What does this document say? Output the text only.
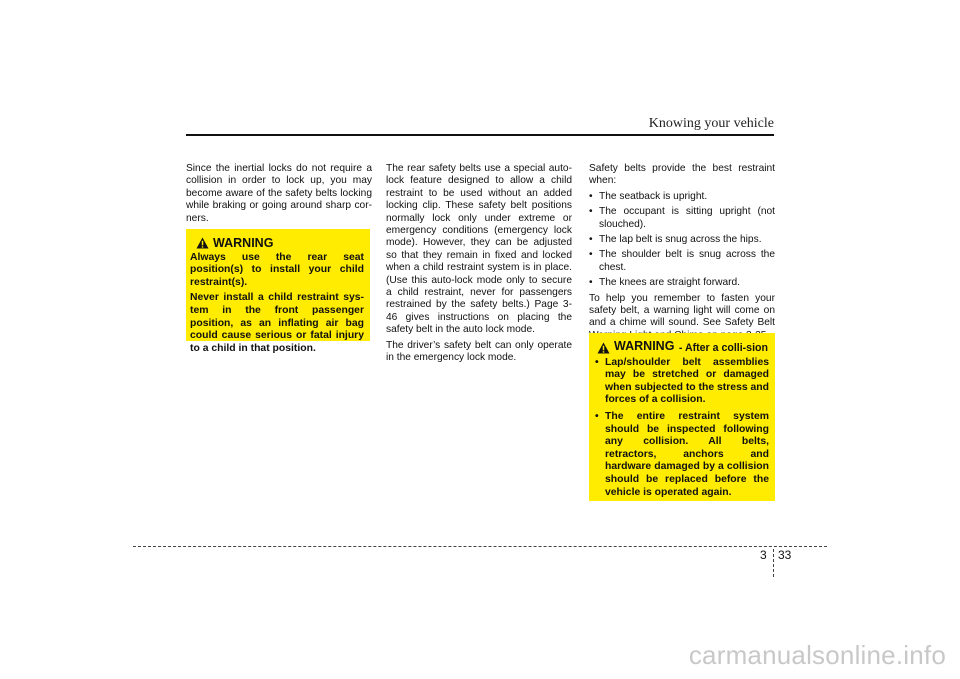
Knowing your vehicle

Since the inertial locks do not require a collision in order to lock up, you may become aware of the safety belts locking while braking or going around sharp cor-ners.

WARNING

Always use the rear seat position(s) to install your child restraint(s).

Never install a child restraint sys-tem in the front passenger position, as an inflating air bag could cause serious or fatal injury to a child in that position.

The rear safety belts use a special auto-lock feature designed to allow a child restraint to be used without an added locking clip. These safety belt positions normally lock only under extreme or emergency conditions (emergency lock mode). However, they can be adjusted so that they remain in fixed and locked when a child restraint system is in place. (Use this auto-lock mode only to secure a child restraint, never for passengers restrained by the safety belts.) Page 3-46 gives instructions on placing the safety belt in the auto lock mode.

The driver’s safety belt can only operate in the emergency lock mode.

Safety belts provide the best restraint when:

• The seatback is upright.
• The occupant is sitting upright (not slouched).
• The lap belt is snug across the hips.
• The shoulder belt is snug across the chest.
• The knees are straight forward.

To help you remember to fasten your safety belt, a warning light will come on and a chime will sound. See Safety Belt

WARNING - After a colli-sion
• Lap/shoulder belt assemblies may be stretched or damaged when subjected to the stress and forces of a collision.
• The entire restraint system should be inspected following any collision. All belts, retractors, anchors and hardware damaged by a collision should be replaced before the vehicle is operated again.
3 33
carmanualsonline.info
